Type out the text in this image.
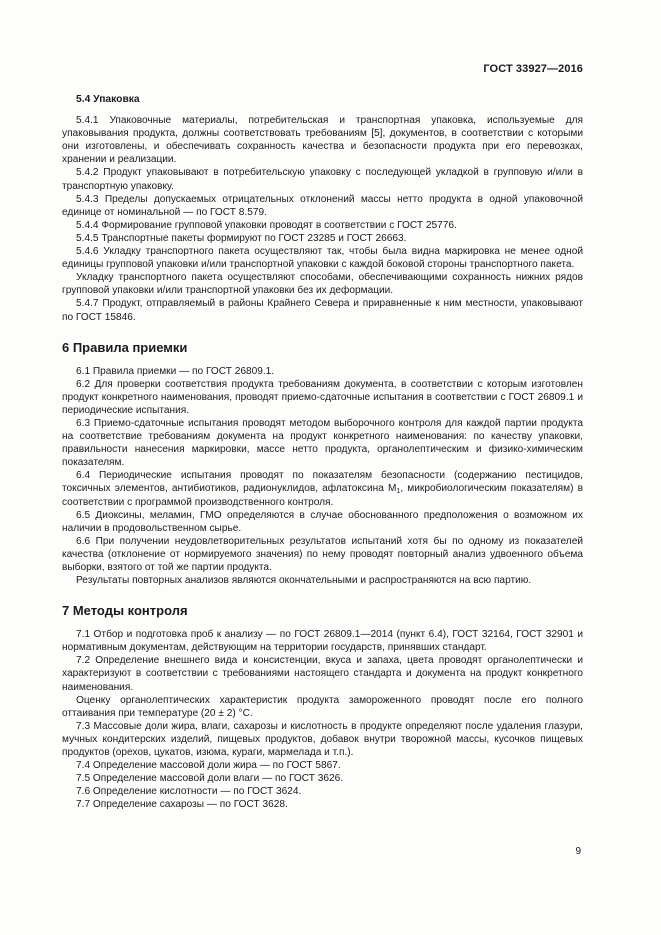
ГОСТ 33927—2016
5.4 Упаковка

5.4.1 Упаковочные материалы, потребительская и транспортная упаковка, используемые для упаковывания продукта, должны соответствовать требованиям [5], документов, в соответствии с которыми они изготовлены, и обеспечивать сохранность качества и безопасности продукта при его перевозках, хранении и реализации.

5.4.2 Продукт упаковывают в потребительскую упаковку с последующей укладкой в групповую и/или в транспортную упаковку.

5.4.3 Пределы допускаемых отрицательных отклонений массы нетто продукта в одной упаковочной единице от номинальной — по ГОСТ 8.579.

5.4.4 Формирование групповой упаковки проводят в соответствии с ГОСТ 25776.

5.4.5 Транспортные пакеты формируют по ГОСТ 23285 и ГОСТ 26663.

5.4.6 Укладку транспортного пакета осуществляют так, чтобы была видна маркировка не менее одной единицы групповой упаковки и/или транспортной упаковки с каждой боковой стороны транспортного пакета.

Укладку транспортного пакета осуществляют способами, обеспечивающими сохранность нижних рядов групповой упаковки и/или транспортной упаковки без их деформации.

5.4.7 Продукт, отправляемый в районы Крайнего Севера и приравненные к ним местности, упаковывают по ГОСТ 15846.

6 Правила приемки

6.1 Правила приемки — по ГОСТ 26809.1.

6.2 Для проверки соответствия продукта требованиям документа, в соответствии с которым изготовлен продукт конкретного наименования, проводят приемо-сдаточные испытания в соответствии с ГОСТ 26809.1 и периодические испытания.

6.3 Приемо-сдаточные испытания проводят методом выборочного контроля для каждой партии продукта на соответствие требованиям документа на продукт конкретного наименования: по качеству упаковки, правильности нанесения маркировки, массе нетто продукта, органолептическим и физико-химическим показателям.

6.4 Периодические испытания проводят по показателям безопасности (содержанию пестицидов, токсичных элементов, антибиотиков, радионуклидов, афлатоксина $M_1$, микробиологическим показателям) в соответствии с программой производственного контроля.

6.5 Диоксины, меламин, ГМО определяются в случае обоснованного предположения о возможном их наличии в продовольственном сырье.

6.6 При получении неудовлетворительных результатов испытаний хотя бы по одному из показателей качества (отклонение от нормируемого значения) по нему проводят повторный анализ удвоенного объема выборки, взятого от той же партии продукта.

Результаты повторных анализов являются окончательными и распространяются на всю партию.

7 Методы контроля

7.1 Отбор и подготовка проб к анализу — по ГОСТ 26809.1—2014 (пункт 6.4), ГОСТ 32164, ГОСТ 32901 и нормативным документам, действующим на территории государств, принявших стандарт.

7.2 Определение внешнего вида и консистенции, вкуса и запаха, цвета проводят органолептически и характеризуют в соответствии с требованиями настоящего стандарта и документа на продукт конкретного наименования.

Оценку органолептических характеристик продукта замороженного проводят после его полного оттаивания при температуре (20 ± 2) °С.

7.3 Массовые доли жира, влаги, сахарозы и кислотность в продукте определяют после удаления глазури, мучных кондитерских изделий, пищевых продуктов, добавок внутри творожной массы, кусочков пищевых продуктов (орехов, цукатов, изюма, кураги, мармелада и т.п.).

7.4 Определение массовой доли жира — по ГОСТ 5867.

7.5 Определение массовой доли влаги — по ГОСТ 3626.

7.6 Определение кислотности — по ГОСТ 3624.

7.7 Определение сахарозы — по ГОСТ 3628.

9
